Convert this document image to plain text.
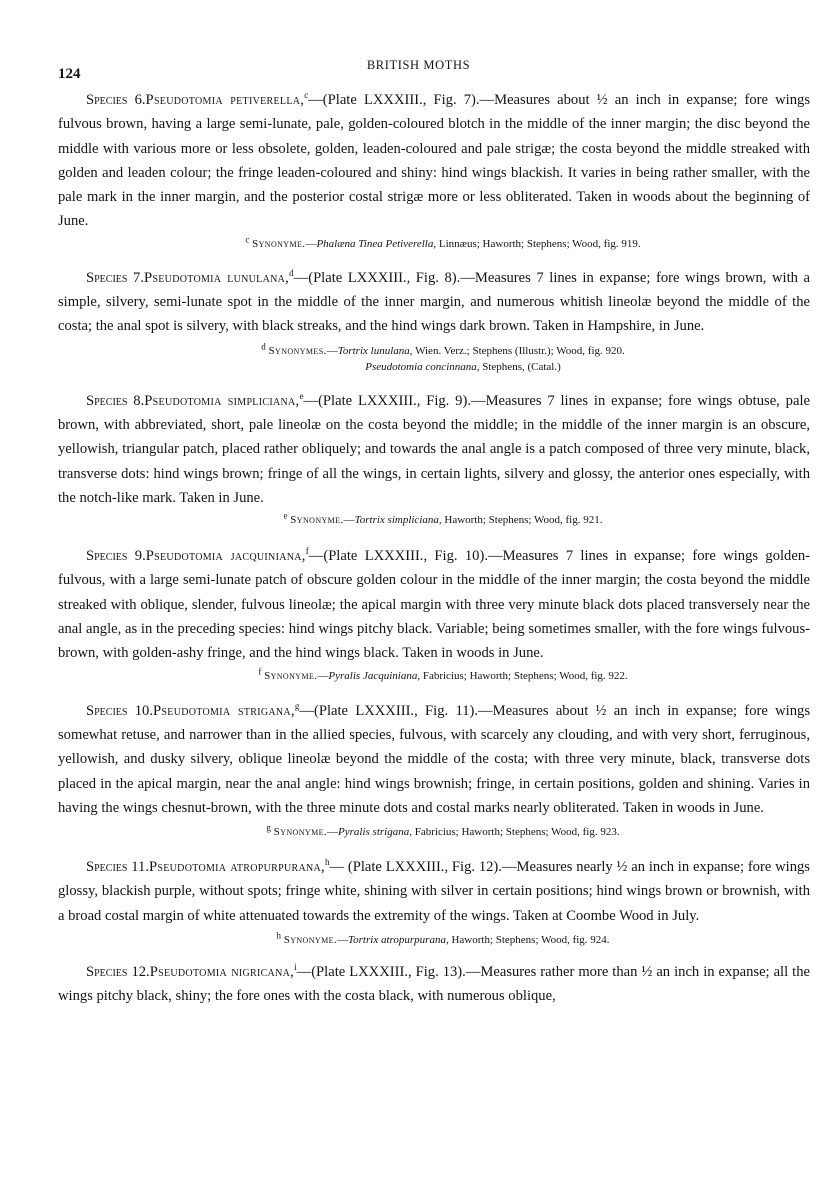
124
BRITISH MOTHS

Species 6.Pseudotomia petiverella,$^c$—(Plate LXXXIII., Fig. 7).—Measures about ½ an inch in expanse; fore wings fulvous brown, having a large semi-lunate, pale, golden-coloured blotch in the middle of the inner margin; the disc beyond the middle with various more or less obsolete, golden, leaden-coloured and pale strigæ; the costa beyond the middle streaked with golden and leaden colour; the fringe leaden-coloured and shiny: hind wings blackish. It varies in being rather smaller, with the pale mark in the inner margin, and the posterior costal strigæ more or less obliterated. Taken in woods about the beginning of June.

$^c$ Synonyme.—Phalæna Tinea Petiverella, Linnæus; Haworth; Stephens; Wood, fig. 919.

Species 7.Pseudotomia lunulana,$^d$—(Plate LXXXIII., Fig. 8).—Measures 7 lines in expanse; fore wings brown, with a simple, silvery, semi-lunate spot in the middle of the inner margin, and numerous whitish lineolæ beyond the middle of the costa; the anal spot is silvery, with black streaks, and the hind wings dark brown. Taken in Hampshire, in June.

$^d$ Synonymes.—Tortrix lunulana, Wien. Verz.; Stephens (Illustr.); Wood, fig. 920.
Pseudotomia concinnana, Stephens, (Catal.)

Species 8.Pseudotomia simpliciana,$^e$—(Plate LXXXIII., Fig. 9).—Measures 7 lines in expanse; fore wings obtuse, pale brown, with abbreviated, short, pale lineolæ on the costa beyond the middle; in the middle of the inner margin is an obscure, yellowish, triangular patch, placed rather obliquely; and towards the anal angle is a patch composed of three very minute, black, transverse dots: hind wings brown; fringe of all the wings, in certain lights, silvery and glossy, the anterior ones especially, with the notch-like mark. Taken in June.

$^e$ Synonyme.—Tortrix simpliciana, Haworth; Stephens; Wood, fig. 921.

Species 9.Pseudotomia jacquiniana,$^f$—(Plate LXXXIII., Fig. 10).—Measures 7 lines in expanse; fore wings golden-fulvous, with a large semi-lunate patch of obscure golden colour in the middle of the inner margin; the costa beyond the middle streaked with oblique, slender, fulvous lineolæ; the apical margin with three very minute black dots placed transversely near the anal angle, as in the preceding species: hind wings pitchy black. Variable; being sometimes smaller, with the fore wings fulvous-brown, with golden-ashy fringe, and the hind wings black. Taken in woods in June.

$^f$ Synonyme.—Pyralis Jacquiniana, Fabricius; Haworth; Stephens; Wood, fig. 922.

Species 10.Pseudotomia strigana,$^g$—(Plate LXXXIII., Fig. 11).—Measures about ½ an inch in expanse; fore wings somewhat retuse, and narrower than in the allied species, fulvous, with scarcely any clouding, and with very short, ferruginous, yellowish, and dusky silvery, oblique lineolæ beyond the middle of the costa; with three very minute, black, transverse dots placed in the apical margin, near the anal angle: hind wings brownish; fringe, in certain positions, golden and shining. Varies in having the wings chesnut-brown, with the three minute dots and costal marks nearly obliterated. Taken in woods in June.

$^g$ Synonyme.—Pyralis strigana, Fabricius; Haworth; Stephens; Wood, fig. 923.

Species 11.Pseudotomia atropurpurana,$^h$— (Plate LXXXIII., Fig. 12).—Measures nearly ½ an inch in expanse; fore wings glossy, blackish purple, without spots; fringe white, shining with silver in certain positions; hind wings brown or brownish, with a broad costal margin of white attenuated towards the extremity of the wings. Taken at Coombe Wood in July.

$^h$ Synonyme.—Tortrix atropurpurana, Haworth; Stephens; Wood, fig. 924.

Species 12.Pseudotomia nigricana,$^i$—(Plate LXXXIII., Fig. 13).—Measures rather more than ½ an inch in expanse; all the wings pitchy black, shiny; the fore ones with the costa black, with numerous oblique,
